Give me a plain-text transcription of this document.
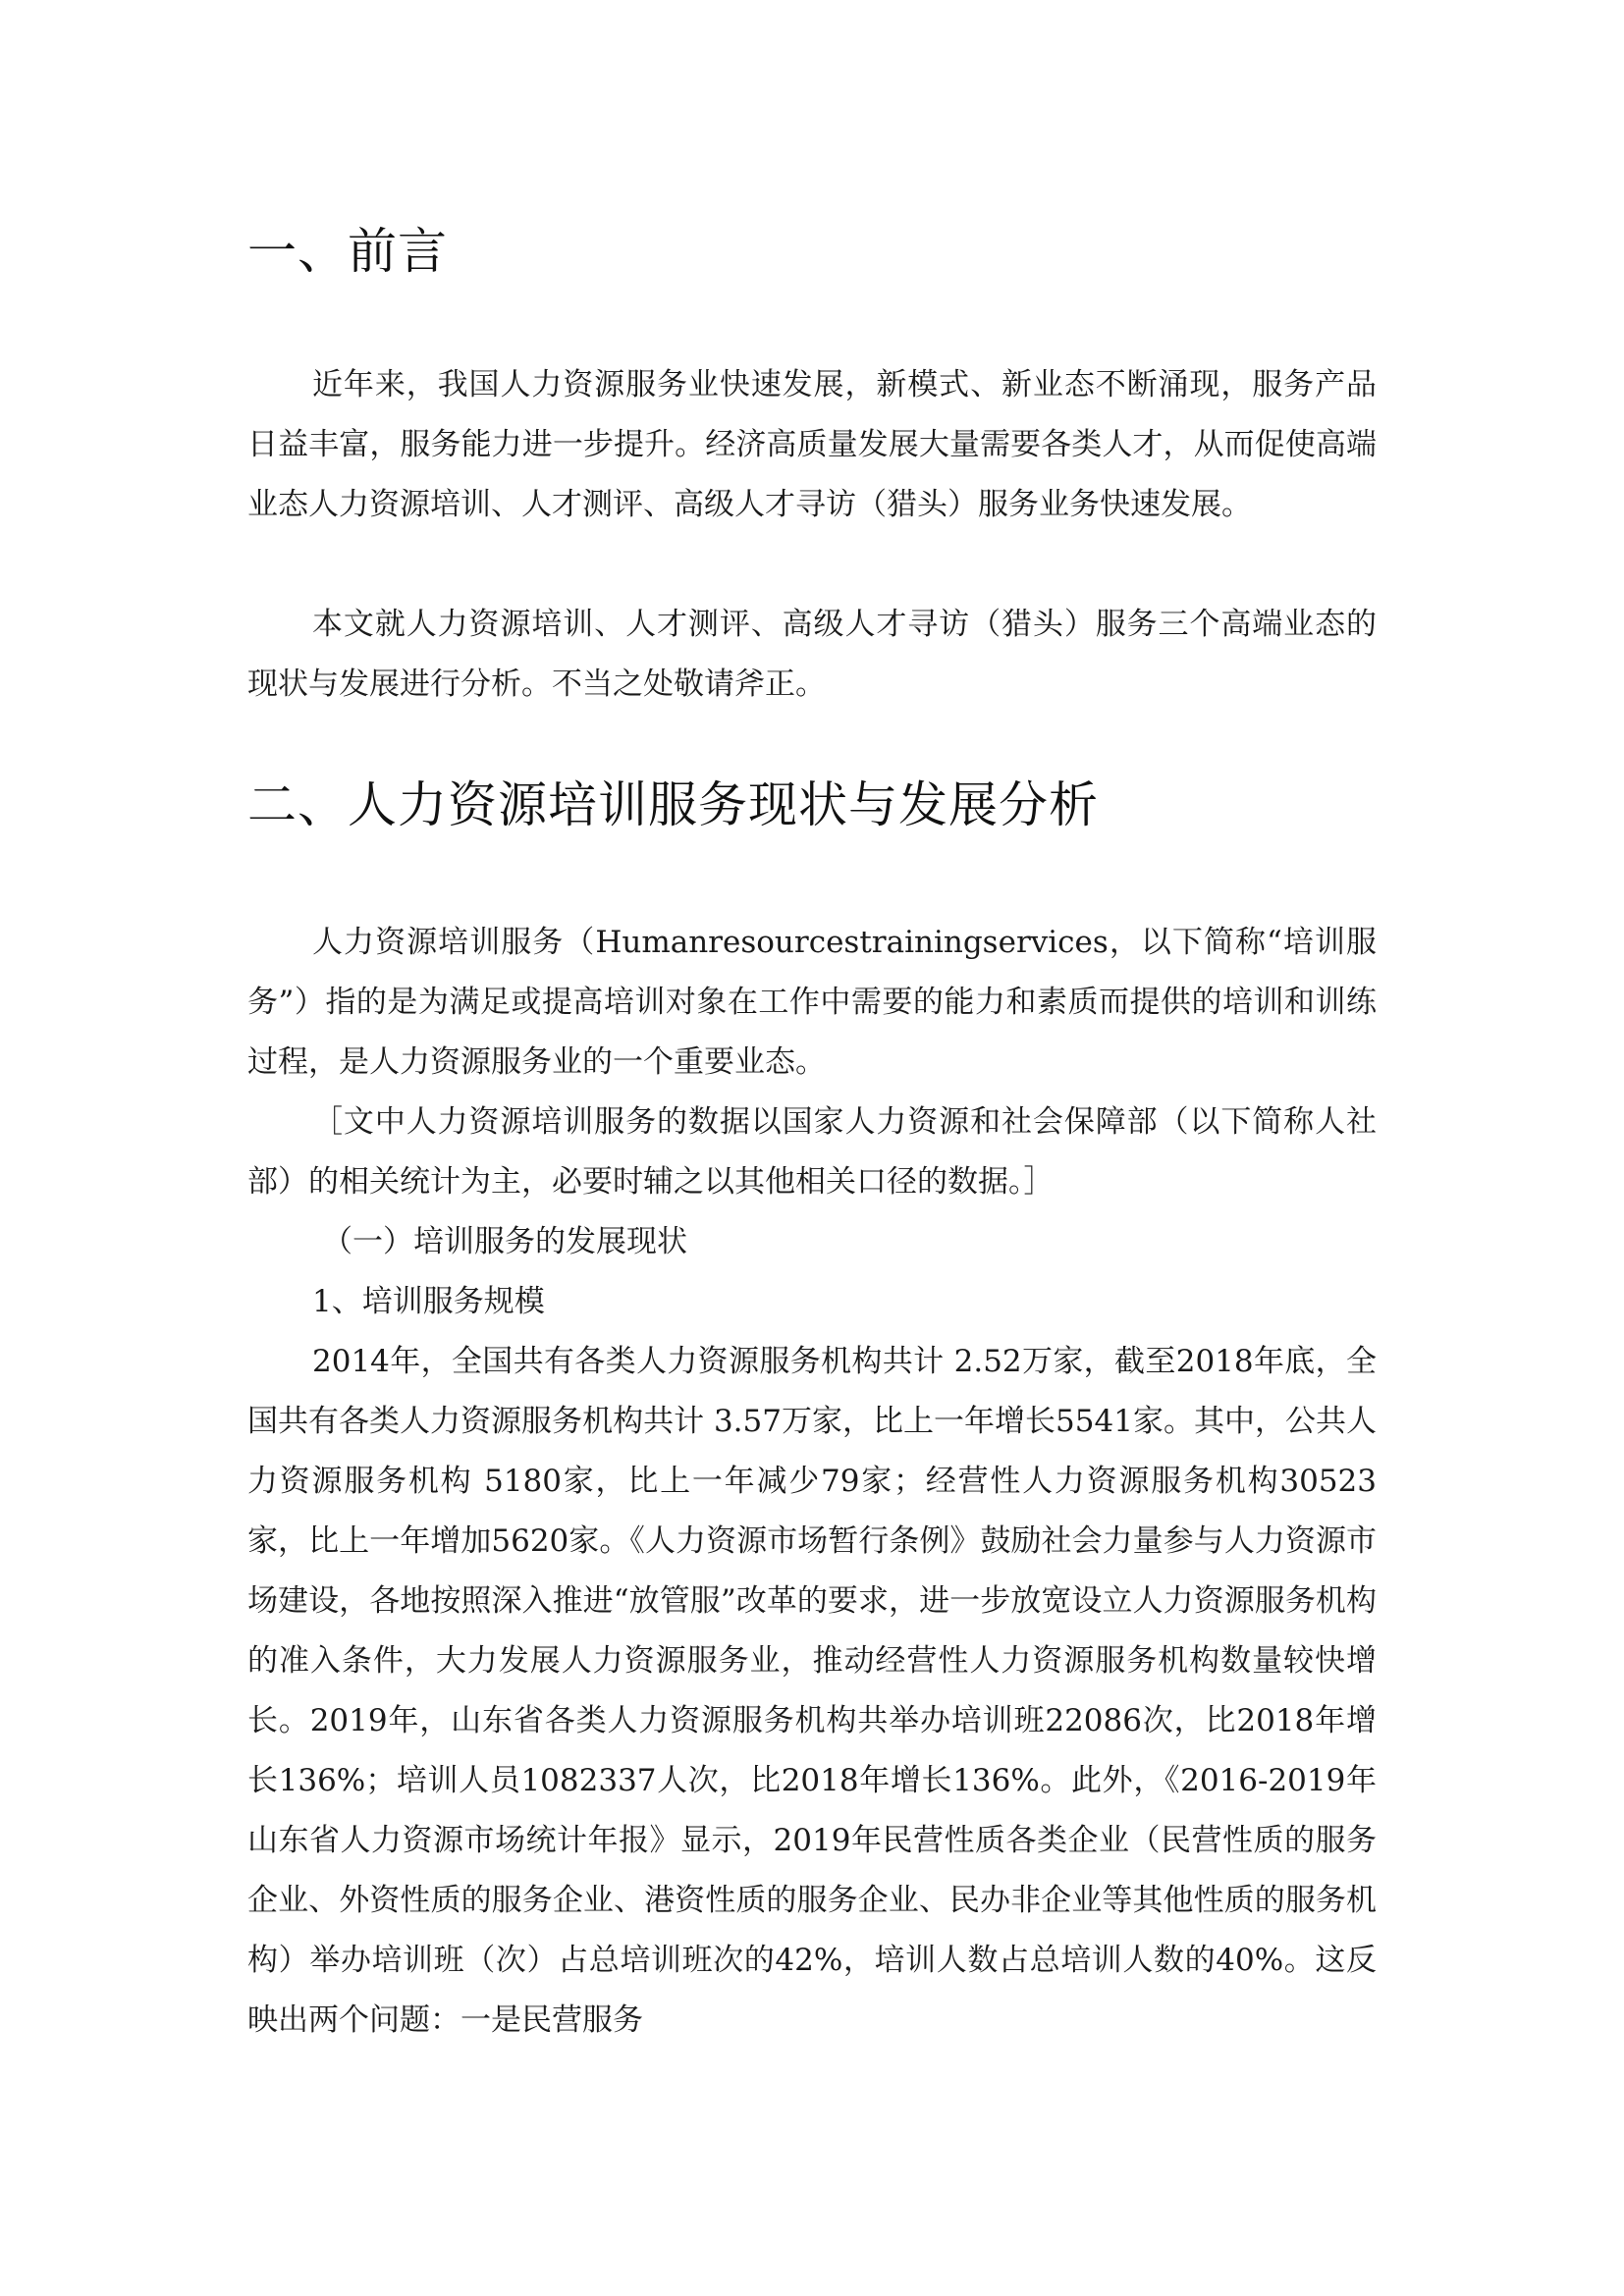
一、前言

近年来，我国人力资源服务业快速发展，新模式、新业态不断涌现，服务产品日益丰富，服务能力进一步提升。经济高质量发展大量需要各类人才，从而促使高端业态人力资源培训、人才测评、高级人才寻访（猎头）服务业务快速发展。

本文就人力资源培训、人才测评、高级人才寻访（猎头）服务三个高端业态的现状与发展进行分析。不当之处敬请斧正。

二、人力资源培训服务现状与发展分析

人力资源培训服务（Humanresourcestrainingservices，以下简称“培训服务”）指的是为满足或提高培训对象在工作中需要的能力和素质而提供的培训和训练过程，是人力资源服务业的一个重要业态。

［文中人力资源培训服务的数据以国家人力资源和社会保障部（以下简称人社部）的相关统计为主，必要时辅之以其他相关口径的数据。］

（一）培训服务的发展现状

1、培训服务规模

2014年，全国共有各类人力资源服务机构共计 2.52万家，截至2018年底，全国共有各类人力资源服务机构共计 3.57万家，比上一年增长5541家。其中，公共人力资源服务机构 5180家，比上一年减少79家；经营性人力资源服务机构30523家，比上一年增加5620家。《人力资源市场暂行条例》鼓励社会力量参与人力资源市场建设，各地按照深入推进“放管服”改革的要求，进一步放宽设立人力资源服务机构的准入条件，大力发展人力资源服务业，推动经营性人力资源服务机构数量较快增长。2019年，山东省各类人力资源服务机构共举办培训班22086次，比2018年增长136%；培训人员1082337人次，比2018年增长136%。此外，《2016-2019年山东省人力资源市场统计年报》显示，2019年民营性质各类企业（民营性质的服务企业、外资性质的服务企业、港资性质的服务企业、民办非企业等其他性质的服务机构）举办培训班（次）占总培训班次的42%，培训人数占总培训人数的40%。这反映出两个问题：一是民营服务
